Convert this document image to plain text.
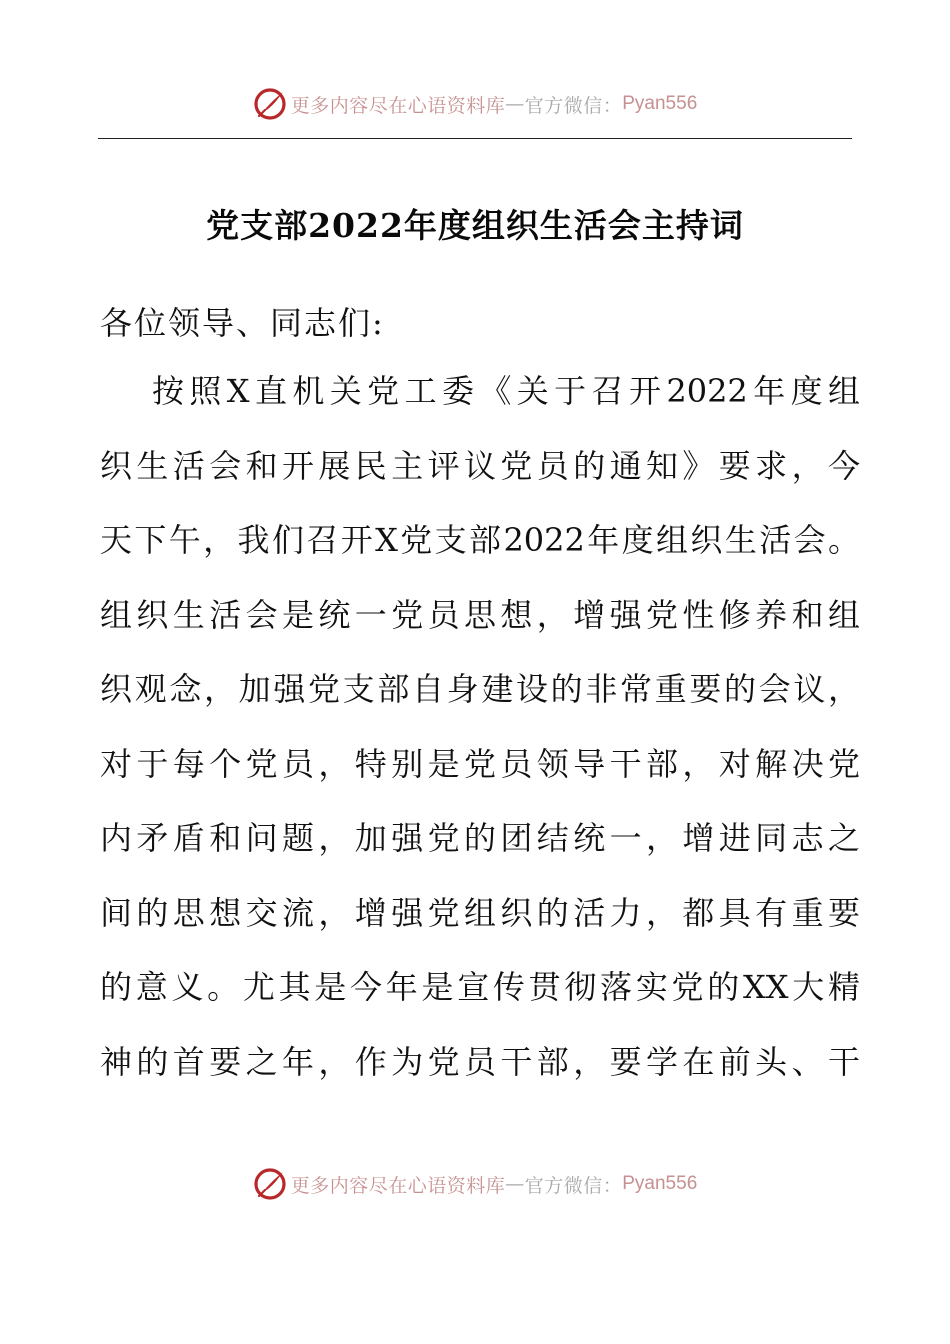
更多内容尽在心语资料库 — 官方微信： Pyan556
党支部2022年度组织生活会主持词
各位领导、同志们:
按照X直机关党工委《关于召开2022年度组
织生活会和开展民主评议党员的通知》要求，今
天下午，我们召开X党支部2022年度组织生活会。
组织生活会是统一党员思想，增强党性修养和组
织观念，加强党支部自身建设的非常重要的会议，
对于每个党员，特别是党员领导干部，对解决党
内矛盾和问题，加强党的团结统一，增进同志之
间的思想交流，增强党组织的活力，都具有重要
的意义。尤其是今年是宣传贯彻落实党的XX大精
神的首要之年，作为党员干部，要学在前头、干
更多内容尽在心语资料库 — 官方微信： Pyan556
